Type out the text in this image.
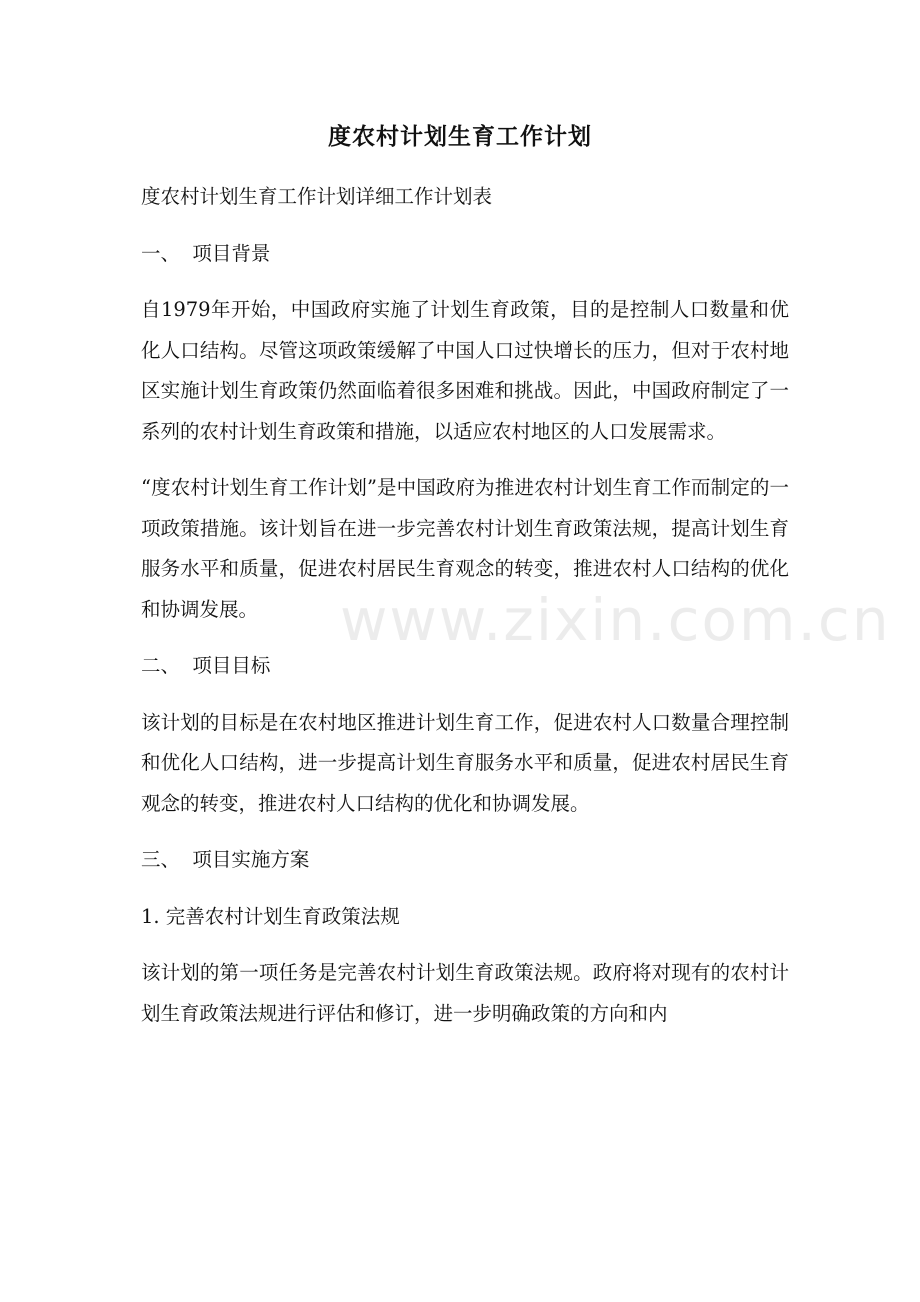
度农村计划生育工作计划

度农村计划生育工作计划详细工作计划表

一、  项目背景

自1979年开始，中国政府实施了计划生育政策，目的是控制人口数量和优化人口结构。尽管这项政策缓解了中国人口过快增长的压力，但对于农村地区实施计划生育政策仍然面临着很多困难和挑战。因此，中国政府制定了一系列的农村计划生育政策和措施，以适应农村地区的人口发展需求。

“度农村计划生育工作计划”是中国政府为推进农村计划生育工作而制定的一项政策措施。该计划旨在进一步完善农村计划生育政策法规，提高计划生育服务水平和质量，促进农村居民生育观念的转变，推进农村人口结构的优化和协调发展。

二、  项目目标

该计划的目标是在农村地区推进计划生育工作，促进农村人口数量合理控制和优化人口结构，进一步提高计划生育服务水平和质量，促进农村居民生育观念的转变，推进农村人口结构的优化和协调发展。

三、  项目实施方案

1. 完善农村计划生育政策法规

该计划的第一项任务是完善农村计划生育政策法规。政府将对现有的农村计划生育政策法规进行评估和修订，进一步明确政策的方向和内

www.zixin.com.cn
